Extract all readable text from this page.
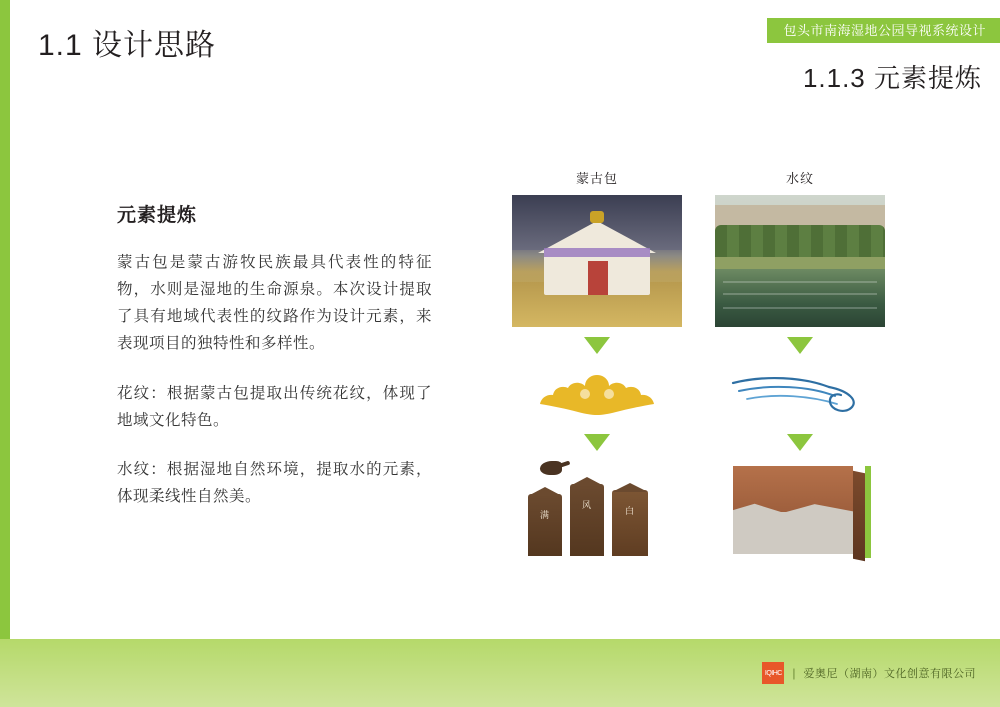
1.1 设计思路	包头市南海湿地公园导视系统设计
1.1.3 元素提炼
元素提炼

蒙古包是蒙古游牧民族最具代表性的特征物，水则是湿地的生命源泉。本次设计提取了具有地域代表性的纹路作为设计元素，来表现项目的独特性和多样性。

花纹：根据蒙古包提取出传统花纹，体现了地域文化特色。

水纹：根据湿地自然环境，提取水的元素，体现柔线性自然美。

蒙古包
满
风
白
水纹
IQIHC | 爱奥尼（湖南）文化创意有限公司
